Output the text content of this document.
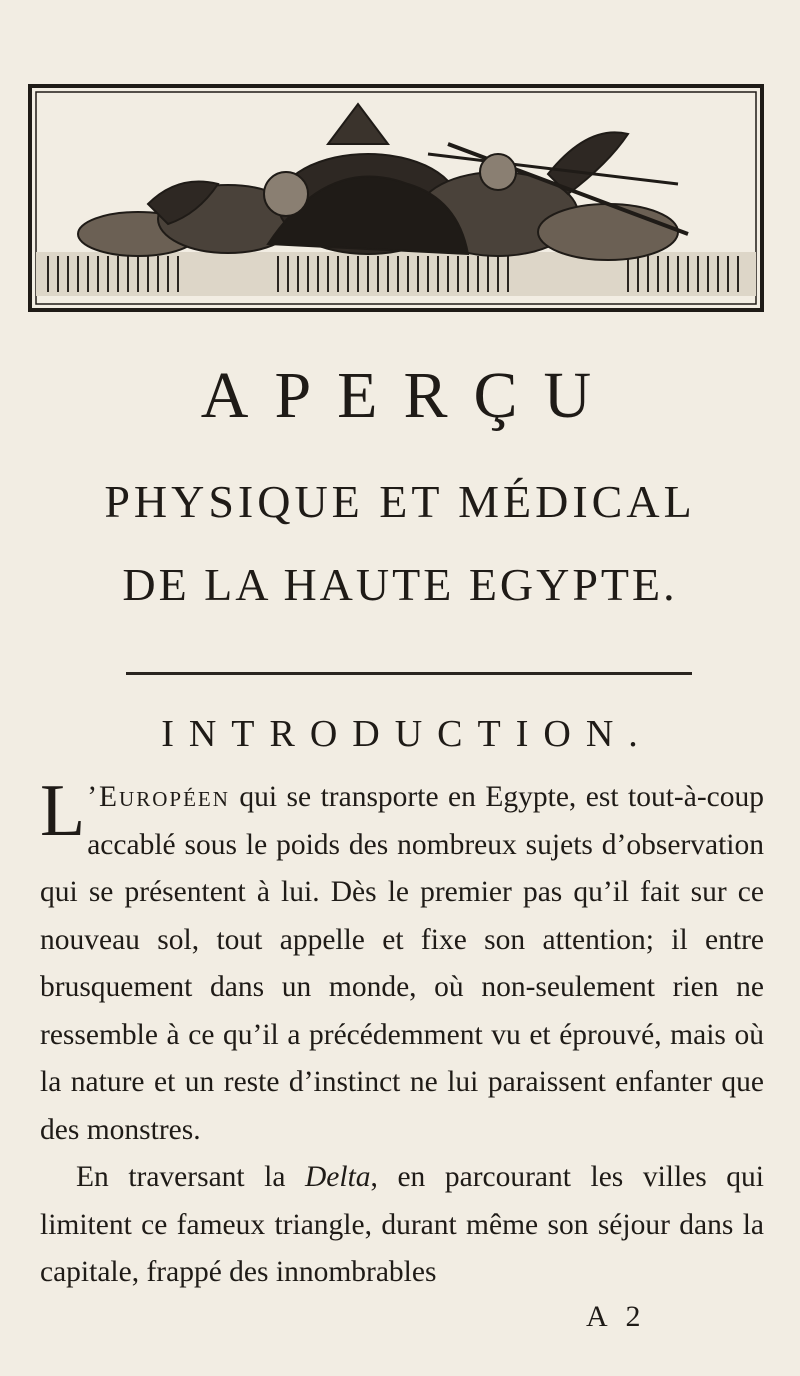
APERÇU
PHYSIQUE ET MÉDICAL
DE LA HAUTE EGYPTE.
INTRODUCTION.

L ’Européen qui se transporte en Egypte, est tout-à-coup accablé sous le poids des nombreux sujets d’observation qui se présentent à lui. Dès le premier pas qu’il fait sur ce nouveau sol, tout appelle et fixe son attention; il entre brusquement dans un monde, où non-seulement rien ne ressemble à ce qu’il a précédemment vu et éprouvé, mais où la nature et un reste d’instinct ne lui paraissent enfanter que des monstres.

En traversant la Delta, en parcourant les villes qui limitent ce fameux triangle, durant même son séjour dans la capitale, frappé des innombrables

A 2
